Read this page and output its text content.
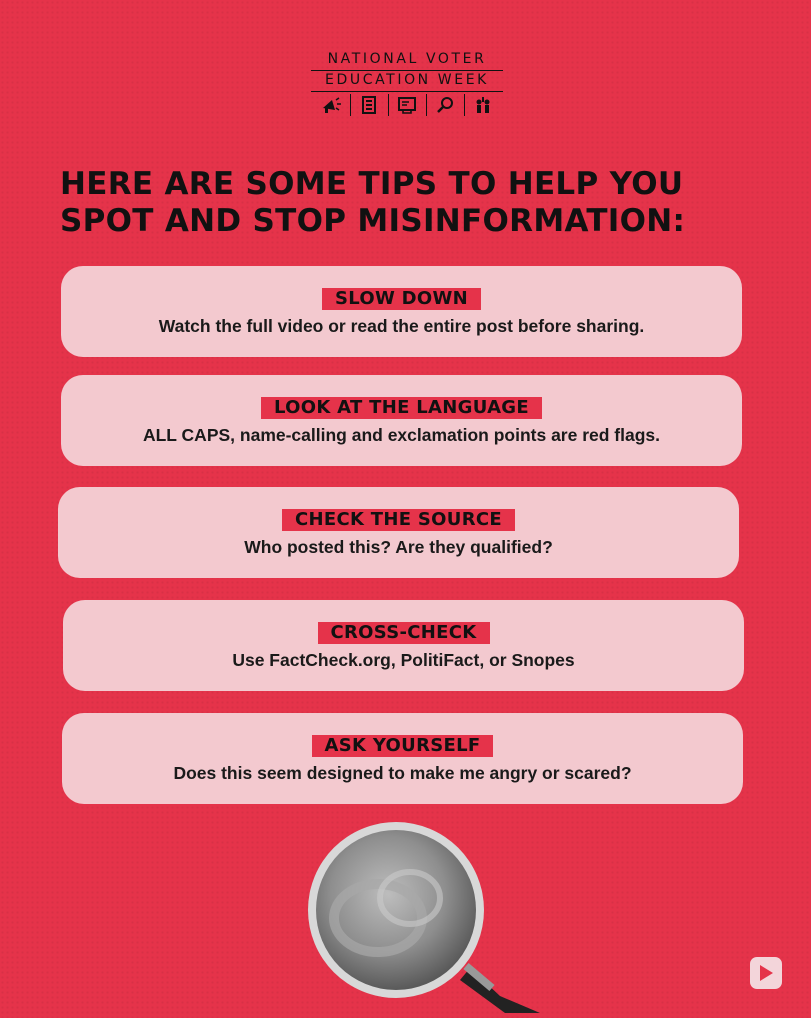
NATIONAL VOTER
EDUCATION WEEK
HERE ARE SOME TIPS TO HELP YOU SPOT AND STOP MISINFORMATION:
SLOW DOWN
Watch the full video or read the entire post before sharing.
LOOK AT THE LANGUAGE
ALL CAPS, name-calling and exclamation points are red flags.
CHECK THE SOURCE
Who posted this? Are they qualified?
CROSS-CHECK
Use FactCheck.org, PolitiFact, or Snopes
ASK YOURSELF
Does this seem designed to make me angry or scared?
